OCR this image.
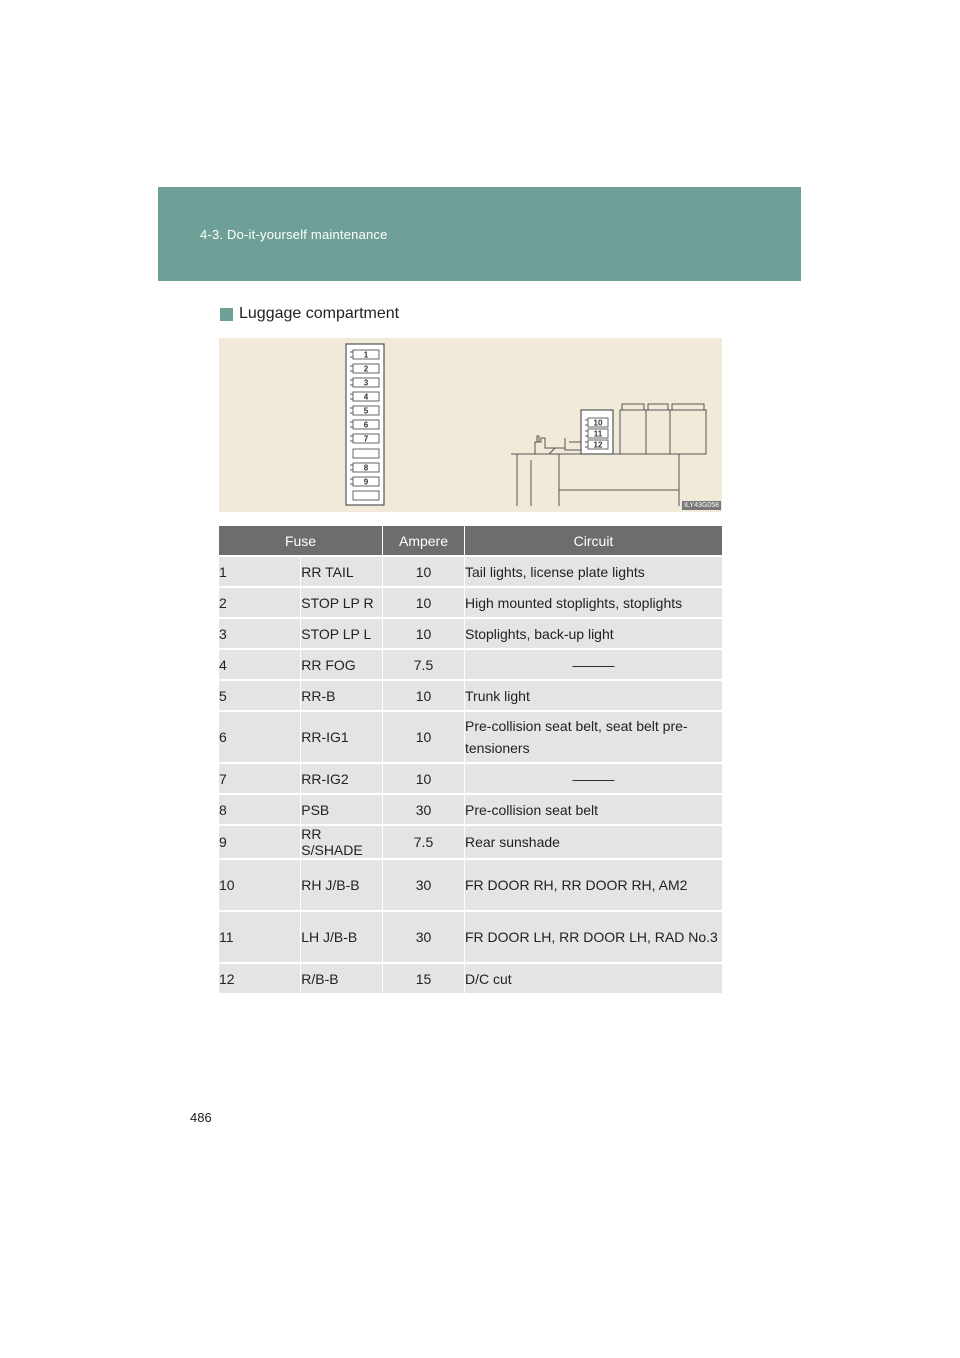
4-3. Do-it-yourself maintenance
Luggage compartment
1
2
3
4
5
6
7
8
9
10
11
12
ILY43G058
Fuse		Ampere	Circuit
1	RR TAIL	10	Tail lights, license plate lights
2	STOP LP R	10	High mounted stoplights, stoplights
3	STOP LP L	10	Stoplights, back-up light
4	RR FOG	7.5	———
5	RR-B	10	Trunk light
6	RR-IG1	10	Pre-collision seat belt, seat belt pre-tensioners
7	RR-IG2	10	———
8	PSB	30	Pre-collision seat belt
9	RR S/SHADE	7.5	Rear sunshade
10	RH J/B-B	30	FR DOOR RH, RR DOOR RH, AM2
11	LH J/B-B	30	FR DOOR LH, RR DOOR LH, RAD No.3
12	R/B-B	15	D/C cut
486
